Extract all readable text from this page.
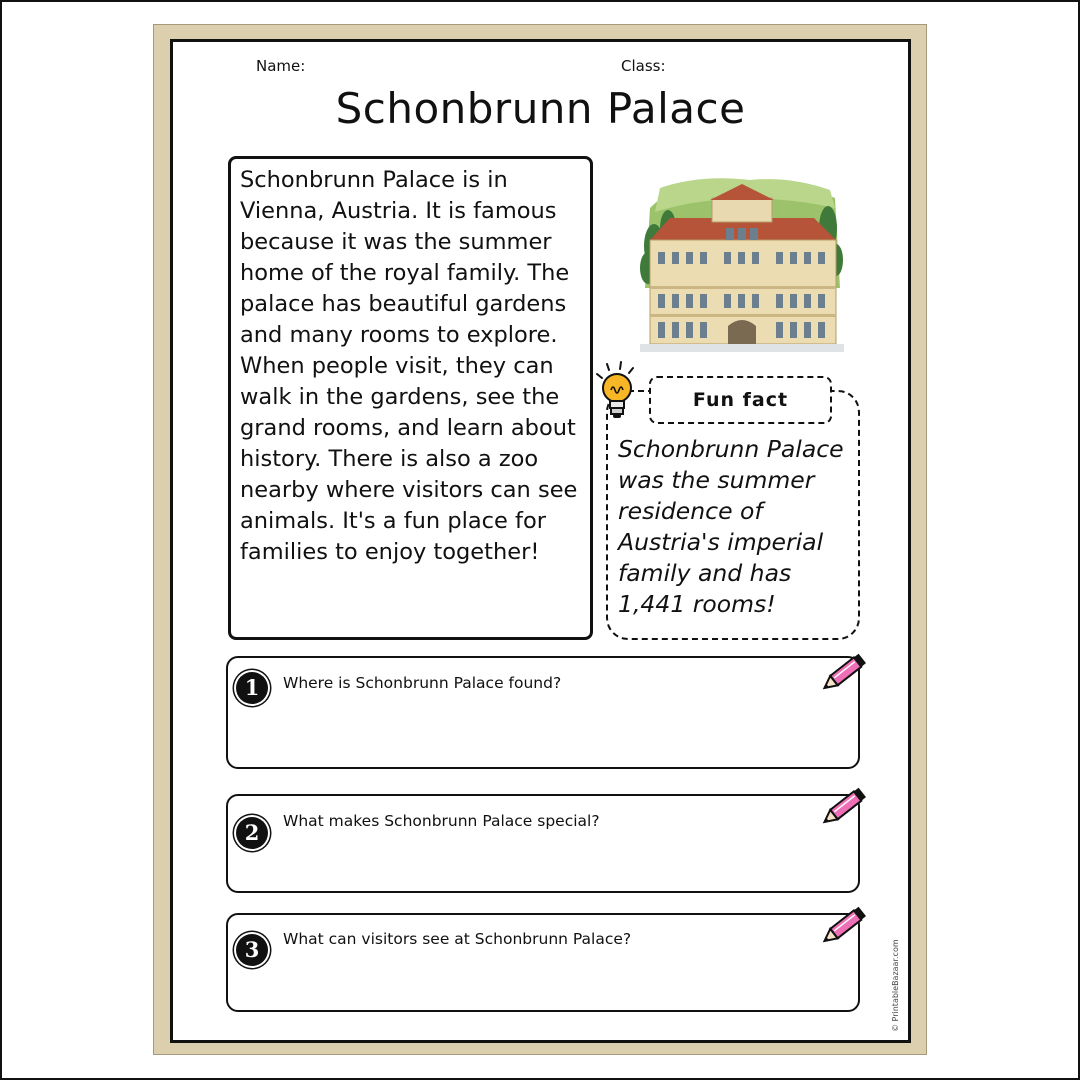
Name:	Class:
Schonbrunn Palace

Schonbrunn Palace is in Vienna, Austria. It is famous because it was the summer home of the royal family. The palace has beautiful gardens and many rooms to explore. When people visit, they can walk in the gardens, see the grand rooms, and learn about history. There is also a zoo nearby where visitors can see animals. It's a fun place for families to enjoy together!

Fun fact

Schonbrunn Palace was the summer residence of Austria's imperial family and has 1,441 rooms!

1	Where is Schonbrunn Palace found?
2	What makes Schonbrunn Palace special?
3	What can visitors see at Schonbrunn Palace?
© PrintableBazaar.com
